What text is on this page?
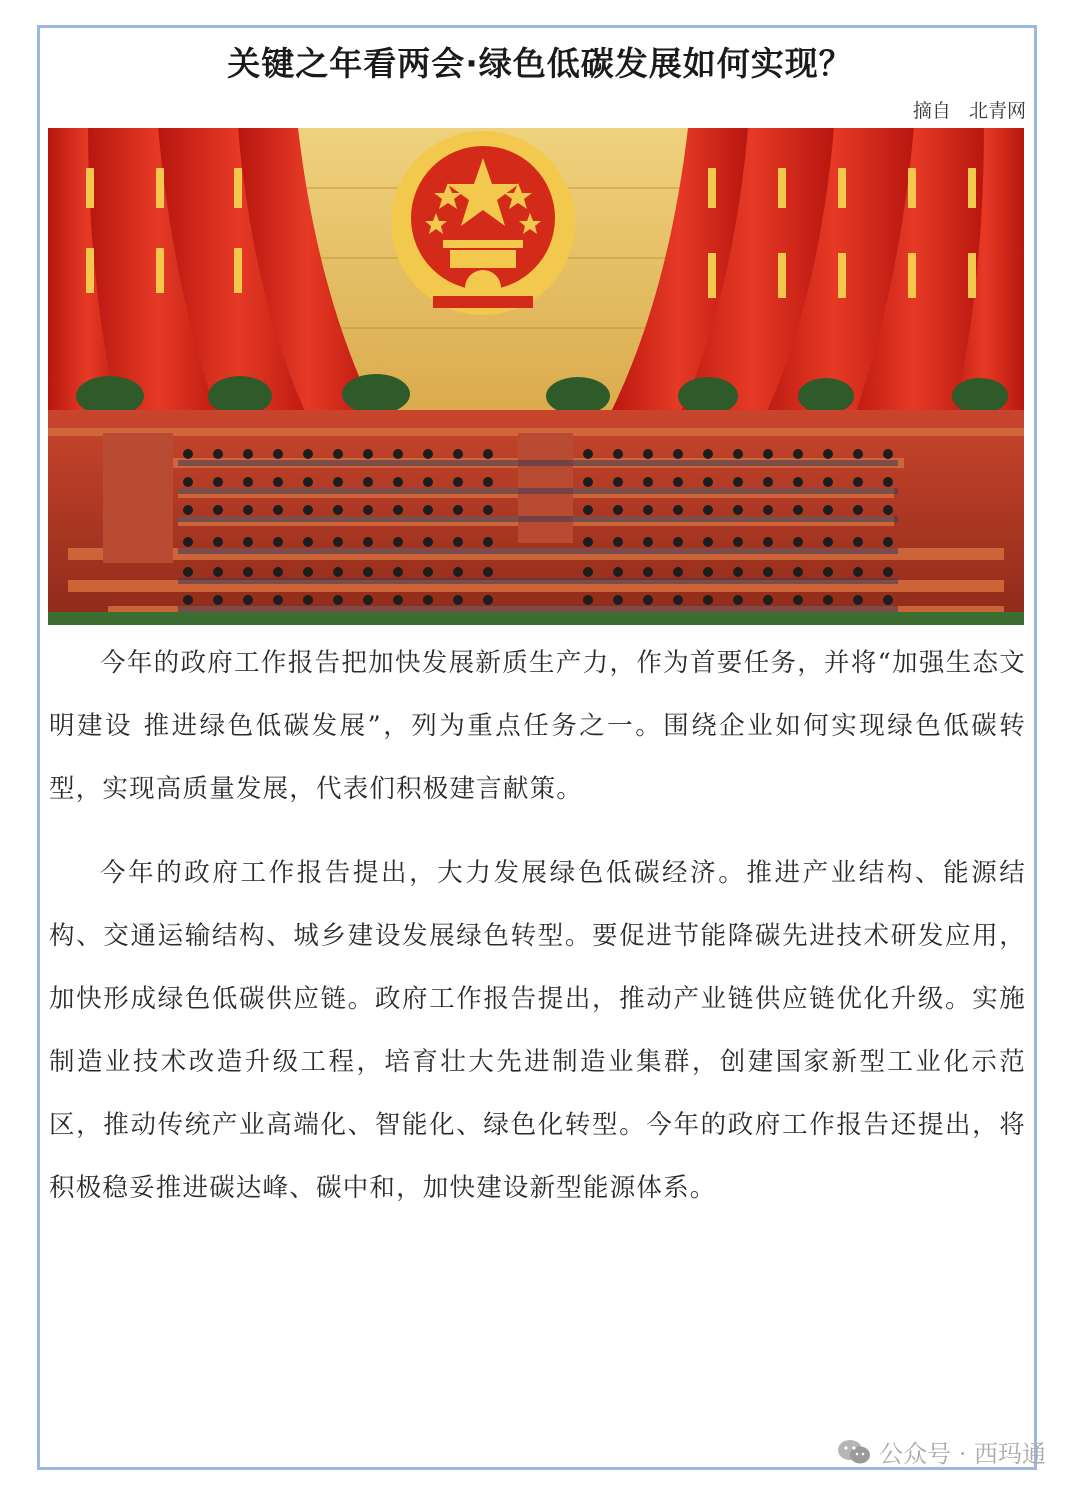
关键之年看两会·绿色低碳发展如何实现？
摘自   北青网

今年的政府工作报告把加快发展新质生产力，作为首要任务，并将“加强生态文明建设 推进绿色低碳发展”，列为重点任务之一。围绕企业如何实现绿色低碳转型，实现高质量发展，代表们积极建言献策。

今年的政府工作报告提出，大力发展绿色低碳经济。推进产业结构、能源结构、交通运输结构、城乡建设发展绿色转型。要促进节能降碳先进技术研发应用，加快形成绿色低碳供应链。政府工作报告提出，推动产业链供应链优化升级。实施制造业技术改造升级工程，培育壮大先进制造业集群，创建国家新型工业化示范区，推动传统产业高端化、智能化、绿色化转型。今年的政府工作报告还提出，将积极稳妥推进碳达峰、碳中和，加快建设新型能源体系。

公众号 · 西玛通
